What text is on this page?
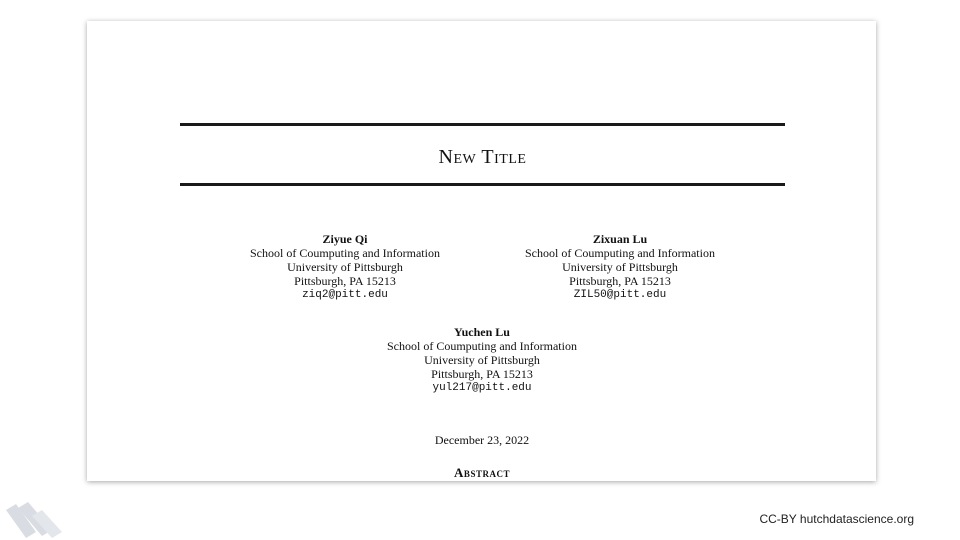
New Title
Ziyue Qi
School of Coumputing and Information
University of Pittsburgh
Pittsburgh, PA 15213
ziq2@pitt.edu
Zixuan Lu
School of Coumputing and Information
University of Pittsburgh
Pittsburgh, PA 15213
ZIL50@pitt.edu
Yuchen Lu
School of Coumputing and Information
University of Pittsburgh
Pittsburgh, PA 15213
yul217@pitt.edu
December 23, 2022
Abstract
CC-BY hutchdatascience.org
